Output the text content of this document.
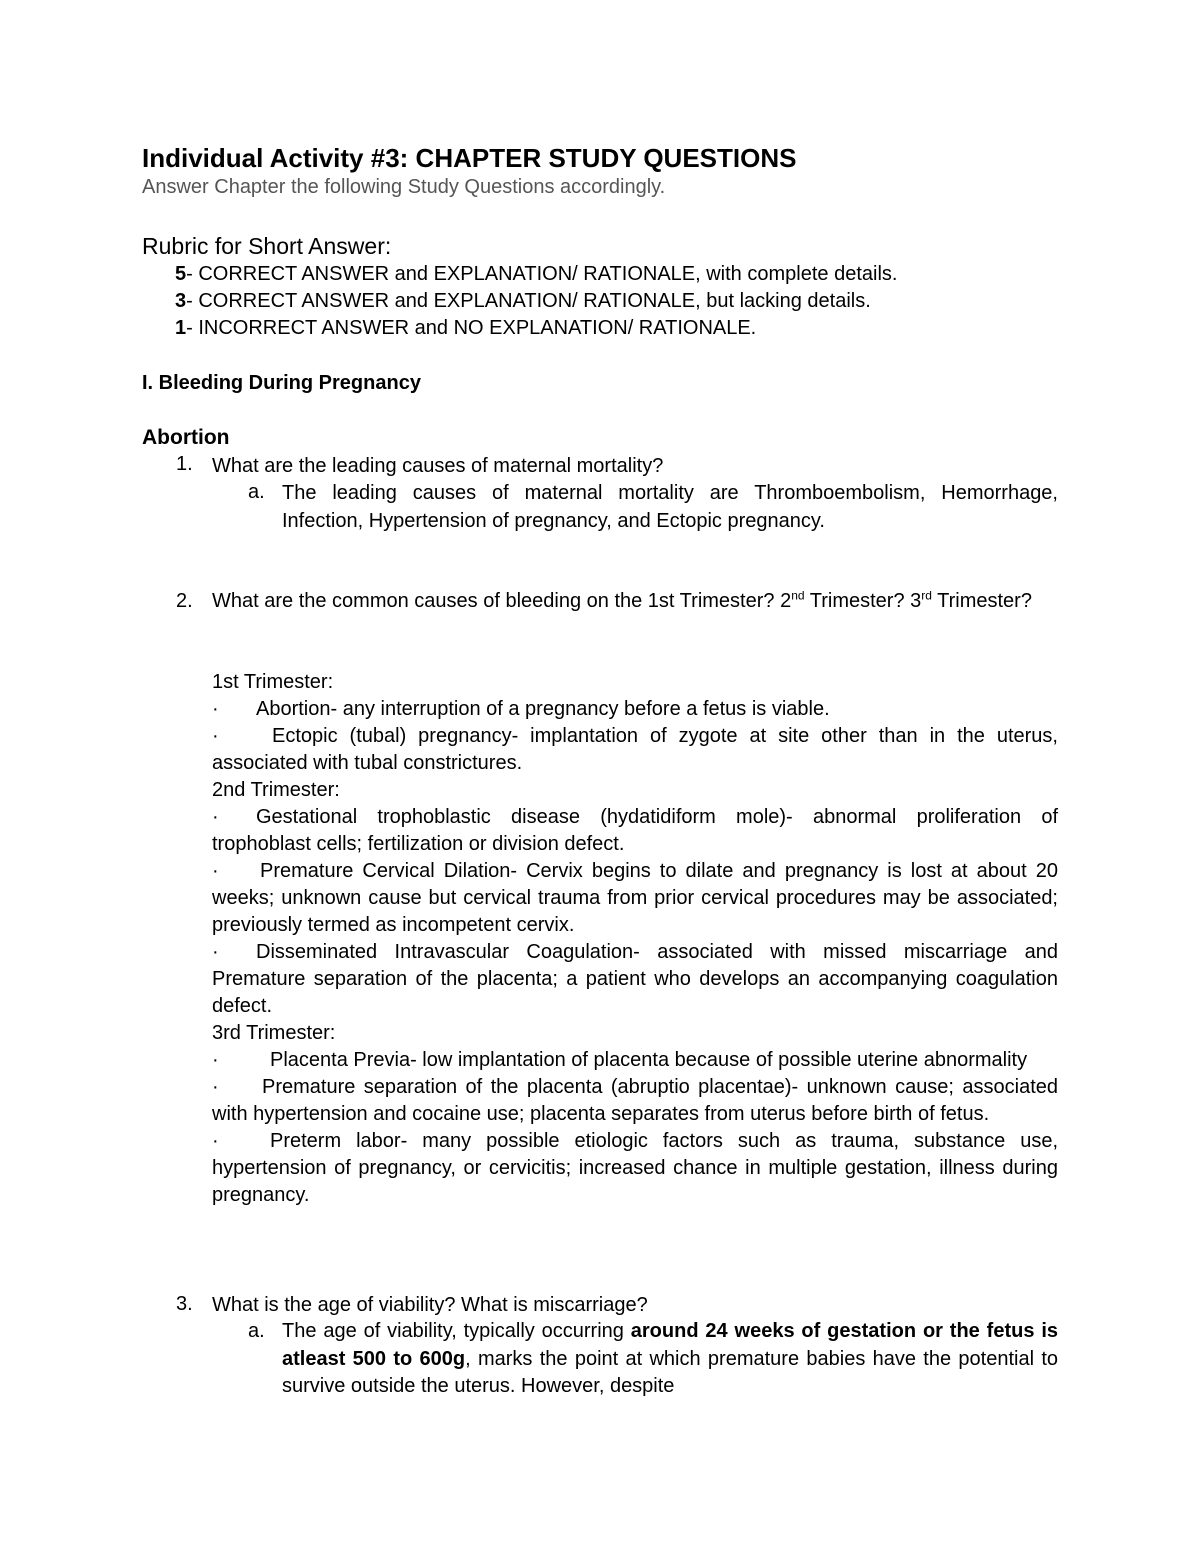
Individual Activity #3: CHAPTER STUDY QUESTIONS
Answer Chapter the following Study Questions accordingly.
Rubric for Short Answer:
5- CORRECT ANSWER and EXPLANATION/ RATIONALE, with complete details.
3- CORRECT ANSWER and EXPLANATION/ RATIONALE, but lacking details.
1- INCORRECT ANSWER and NO EXPLANATION/ RATIONALE.
I. Bleeding During Pregnancy
Abortion
1. What are the leading causes of maternal mortality?
a. The leading causes of maternal mortality are Thromboembolism, Hemorrhage, Infection, Hypertension of pregnancy, and Ectopic pregnancy.
2. What are the common causes of bleeding on the 1st Trimester? 2nd Trimester? 3rd Trimester?

1st Trimester:

· Abortion- any interruption of a pregnancy before a fetus is viable.

·	Ectopic (tubal) pregnancy- implantation of zygote at site other than in the uterus, associated with tubal constrictures.

2nd Trimester:

· Gestational trophoblastic disease (hydatidiform mole)- abnormal proliferation of trophoblast cells; fertilization or division defect.

· Premature Cervical Dilation- Cervix begins to dilate and pregnancy is lost at about 20 weeks; unknown cause but cervical trauma from prior cervical procedures may be associated; previously termed as incompetent cervix.

· Disseminated Intravascular Coagulation- associated with missed miscarriage and Premature separation of the placenta; a patient who develops an accompanying coagulation defect.

3rd Trimester:

·	Placenta Previa- low implantation of placenta because of possible uterine abnormality

· Premature separation of the placenta (abruptio placentae)- unknown cause; associated with hypertension and cocaine use; placenta separates from uterus before birth of fetus.

·	Preterm labor- many possible etiologic factors such as trauma, substance use, hypertension of pregnancy, or cervicitis; increased chance in multiple gestation, illness during pregnancy.

3. What is the age of viability? What is miscarriage?
a. The age of viability, typically occurring around 24 weeks of gestation or the fetus is atleast 500 to 600g, marks the point at which premature babies have the potential to survive outside the uterus. However, despite
